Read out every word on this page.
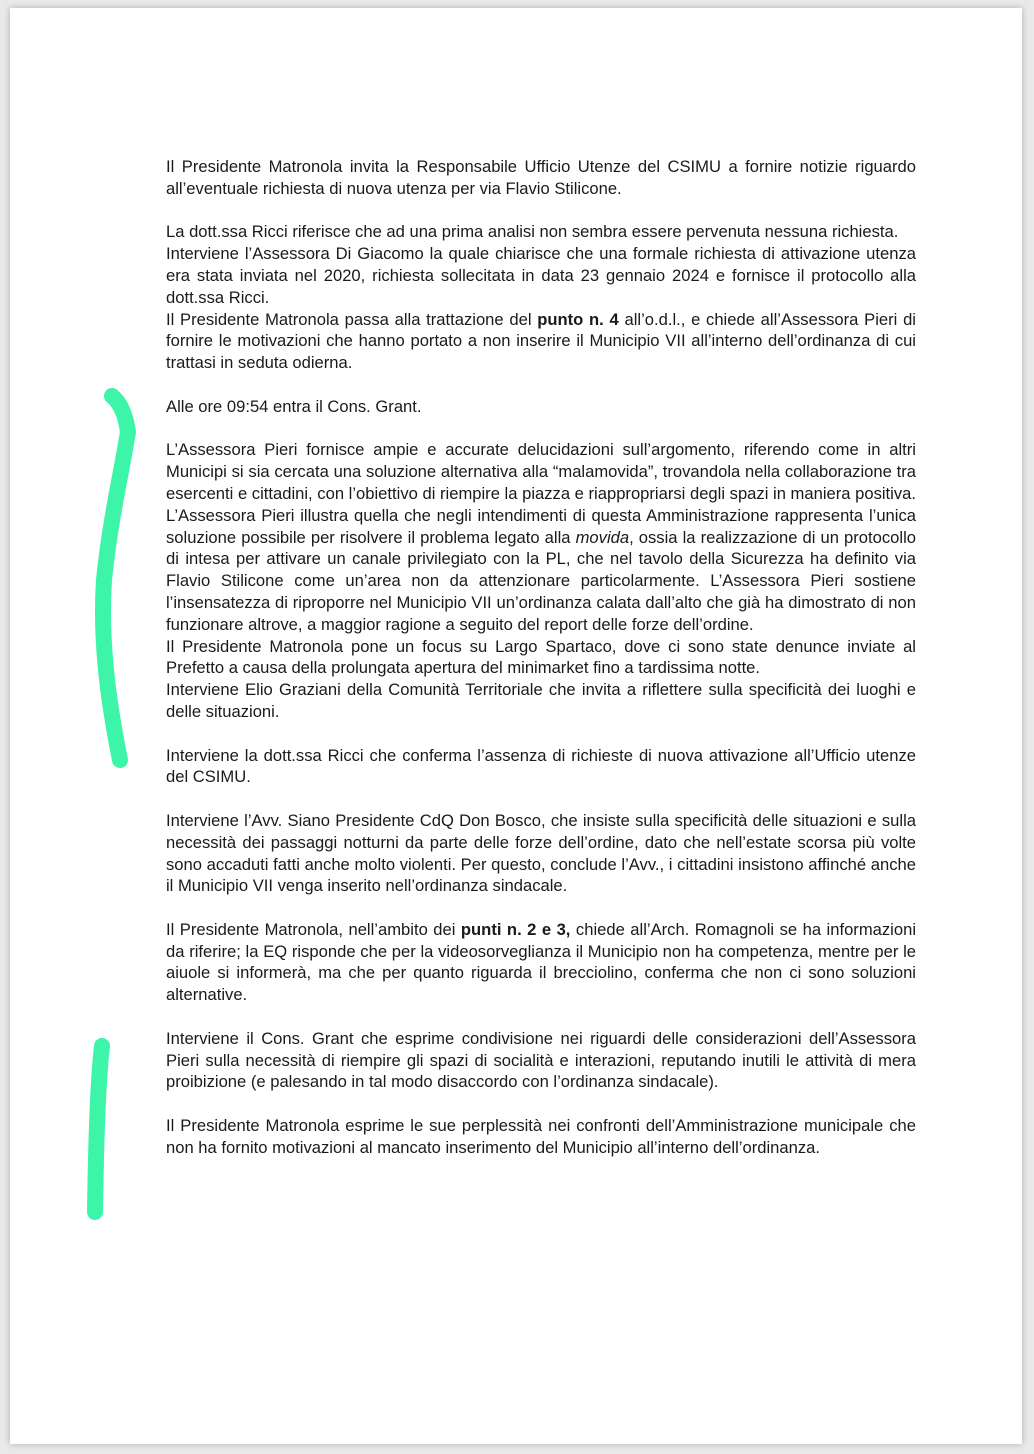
Il Presidente Matronola invita la Responsabile Ufficio Utenze del CSIMU a fornire notizie riguardo all’eventuale richiesta di nuova utenza per via Flavio Stilicone.

La dott.ssa Ricci riferisce che ad una prima analisi non sembra essere pervenuta nessuna richiesta.

Interviene l’Assessora Di Giacomo la quale chiarisce che una formale richiesta di attivazione utenza era stata inviata nel 2020, richiesta sollecitata in data 23 gennaio 2024 e fornisce il protocollo alla dott.ssa Ricci.

Il Presidente Matronola passa alla trattazione del punto n. 4 all’o.d.l., e chiede all’Assessora Pieri di fornire le motivazioni che hanno portato a non inserire il Municipio VII all’interno dell’ordinanza di cui trattasi in seduta odierna.

Alle ore 09:54 entra il Cons. Grant.

L’Assessora Pieri fornisce ampie e accurate delucidazioni sull’argomento, riferendo come in altri Municipi si sia cercata una soluzione alternativa alla “malamovida”, trovandola nella collaborazione tra esercenti e cittadini, con l’obiettivo di riempire la piazza e riappropriarsi degli spazi in maniera positiva. L’Assessora Pieri illustra quella che negli intendimenti di questa Amministrazione rappresenta l’unica soluzione possibile per risolvere il problema legato alla movida, ossia la realizzazione di un protocollo di intesa per attivare un canale privilegiato con la PL, che nel tavolo della Sicurezza ha definito via Flavio Stilicone come un’area non da attenzionare particolarmente. L’Assessora Pieri sostiene l’insensatezza di riproporre nel Municipio VII un’ordinanza calata dall’alto che già ha dimostrato di non funzionare altrove, a maggior ragione a seguito del report delle forze dell’ordine.

Il Presidente Matronola pone un focus su Largo Spartaco, dove ci sono state denunce inviate al Prefetto a causa della prolungata apertura del minimarket fino a tardissima notte.

Interviene Elio Graziani della Comunità Territoriale che invita a riflettere sulla specificità dei luoghi e delle situazioni.

Interviene la dott.ssa Ricci che conferma l’assenza di richieste di nuova attivazione all’Ufficio utenze del CSIMU.

Interviene l’Avv. Siano Presidente CdQ Don Bosco, che insiste sulla specificità delle situazioni e sulla necessità dei passaggi notturni da parte delle forze dell’ordine, dato che nell’estate scorsa più volte sono accaduti fatti anche molto violenti. Per questo, conclude l’Avv., i cittadini insistono affinché anche il Municipio VII venga inserito nell’ordinanza sindacale.

Il Presidente Matronola, nell’ambito dei punti n. 2 e 3, chiede all’Arch. Romagnoli se ha informazioni da riferire; la EQ risponde che per la videosorveglianza il Municipio non ha competenza, mentre per le aiuole si informerà, ma che per quanto riguarda il brecciolino, conferma che non ci sono soluzioni alternative.

Interviene il Cons. Grant che esprime condivisione nei riguardi delle considerazioni dell’Assessora Pieri sulla necessità di riempire gli spazi di socialità e interazioni, reputando inutili le attività di mera proibizione (e palesando in tal modo disaccordo con l’ordinanza sindacale).

Il Presidente Matronola esprime le sue perplessità nei confronti dell’Amministrazione municipale che non ha fornito motivazioni al mancato inserimento del Municipio all’interno dell’ordinanza.
